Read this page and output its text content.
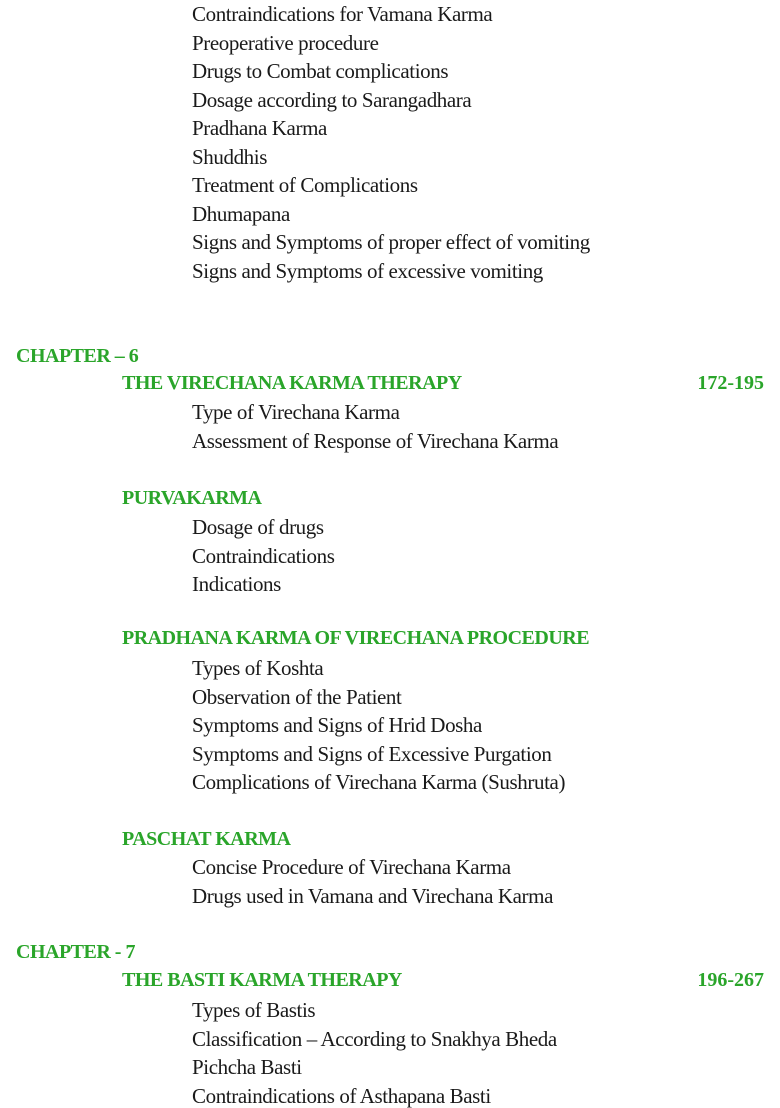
Contraindications for Vamana Karma
Preoperative procedure
Drugs to Combat complications
Dosage according to Sarangadhara
Pradhana Karma
Shuddhis
Treatment of Complications
Dhumapana
Signs and Symptoms of proper effect of vomiting
Signs and Symptoms of excessive vomiting
CHAPTER – 6
THE VIRECHANA KARMA THERAPY	172-195
Type of Virechana Karma
Assessment of Response of Virechana Karma
PURVAKARMA
Dosage of drugs
Contraindications
Indications
PRADHANA KARMA OF VIRECHANA PROCEDURE
Types of Koshta
Observation of the Patient
Symptoms and Signs of Hrid Dosha
Symptoms and Signs of Excessive Purgation
Complications of Virechana Karma (Sushruta)
PASCHAT KARMA
Concise Procedure of Virechana Karma
Drugs used in Vamana and Virechana Karma
CHAPTER - 7
THE BASTI KARMA THERAPY	196-267
Types of Bastis
Classification – According to Snakhya Bheda
Pichcha Basti
Contraindications of Asthapana Basti
